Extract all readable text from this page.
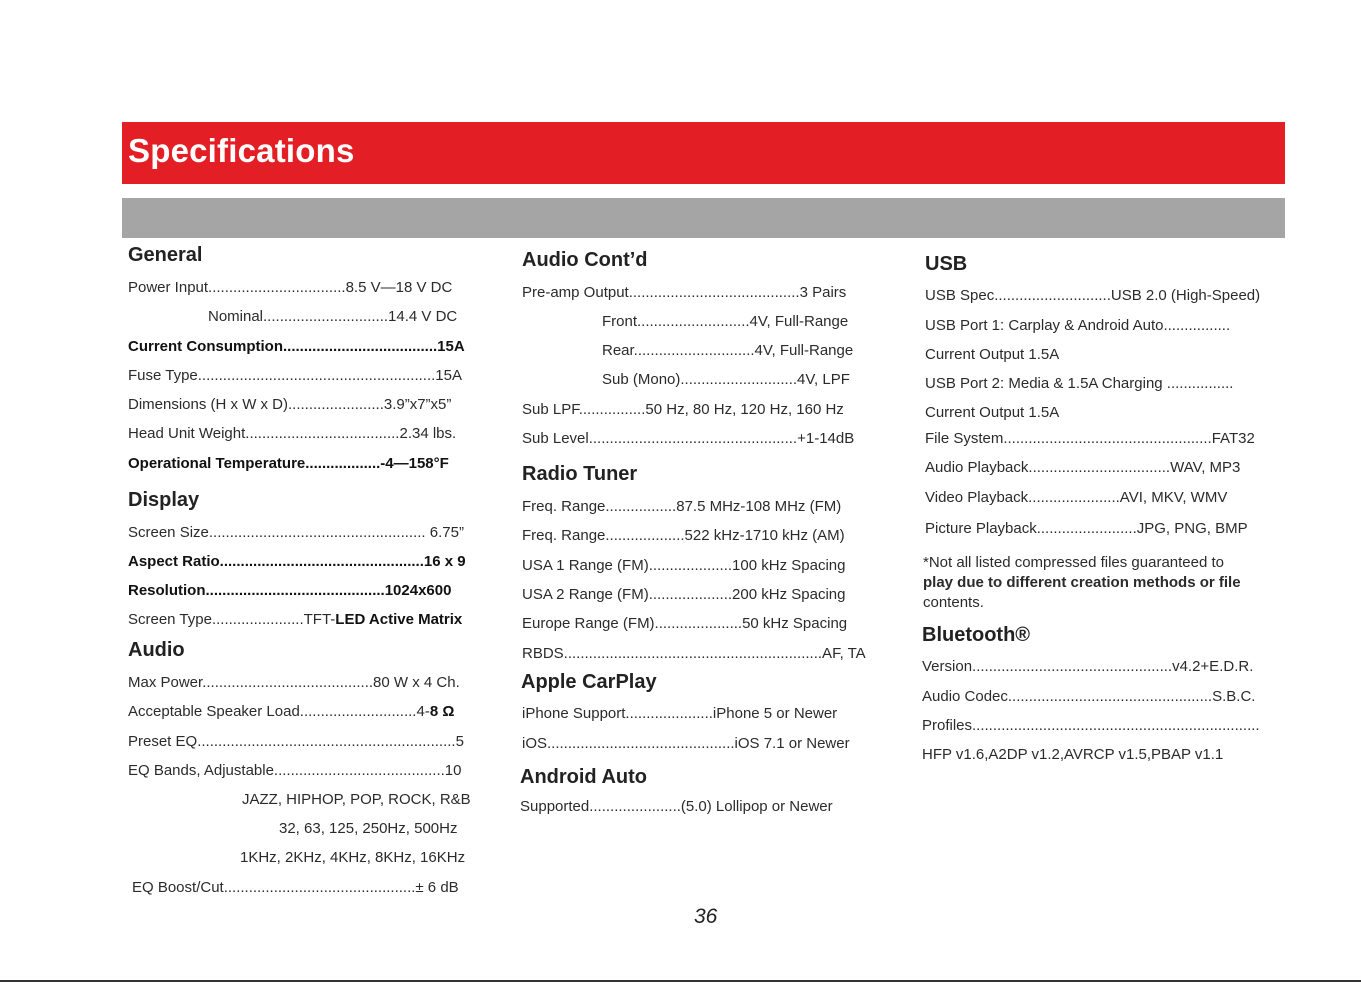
Specifications
General

Power Input.................................8.5 V—18 V DC

Nominal..............................14.4 V DC

Current Consumption.....................................15A

Fuse Type.........................................................15A

Dimensions (H x W x D).......................3.9”x7”x5”

Head Unit Weight.....................................2.34 lbs.

Operational Temperature..................-4—158°F

Display

Screen Size.................................................... 6.75”

Aspect Ratio.................................................16 x 9

Resolution...........................................1024x600

Screen Type......................TFT-LED Active Matrix

Audio

Max Power.........................................80 W x 4 Ch.

Acceptable Speaker Load............................4-8 Ω

Preset EQ..............................................................5

EQ Bands, Adjustable.........................................10

JAZZ, HIPHOP, POP, ROCK, R&B

32, 63, 125, 250Hz, 500Hz

1KHz, 2KHz, 4KHz, 8KHz, 16KHz

EQ Boost/Cut..............................................± 6 dB

Audio Cont’d

Pre-amp Output.........................................3 Pairs

Front...........................4V, Full-Range

Rear.............................4V, Full-Range

Sub (Mono)............................4V, LPF

Sub LPF................50 Hz, 80 Hz, 120 Hz, 160 Hz

Sub Level..................................................+1-14dB

Radio Tuner

Freq. Range.................87.5 MHz-108 MHz (FM)

Freq. Range...................522 kHz-1710 kHz (AM)

USA 1 Range (FM)....................100 kHz Spacing

USA 2 Range (FM)....................200 kHz Spacing

Europe Range (FM).....................50 kHz Spacing

RBDS..............................................................AF, TA

Apple CarPlay

iPhone Support.....................iPhone 5 or Newer

iOS.............................................iOS 7.1 or Newer

Android Auto

Supported......................(5.0) Lollipop or Newer

USB

USB Spec............................USB 2.0 (High-Speed)

USB Port 1: Carplay & Android Auto................

Current Output 1.5A

USB Port 2: Media & 1.5A Charging ................

Current Output 1.5A

File System..................................................FAT32

Audio Playback..................................WAV, MP3

Video Playback......................AVI, MKV, WMV

Picture Playback........................JPG, PNG, BMP

*Not all listed compressed files guaranteed to
play due to different creation methods or file
contents.

Bluetooth®

Version................................................v4.2+E.D.R.

Audio Codec.................................................S.B.C.

Profiles.....................................................................

HFP v1.6,A2DP v1.2,AVRCP v1.5,PBAP v1.1

36
